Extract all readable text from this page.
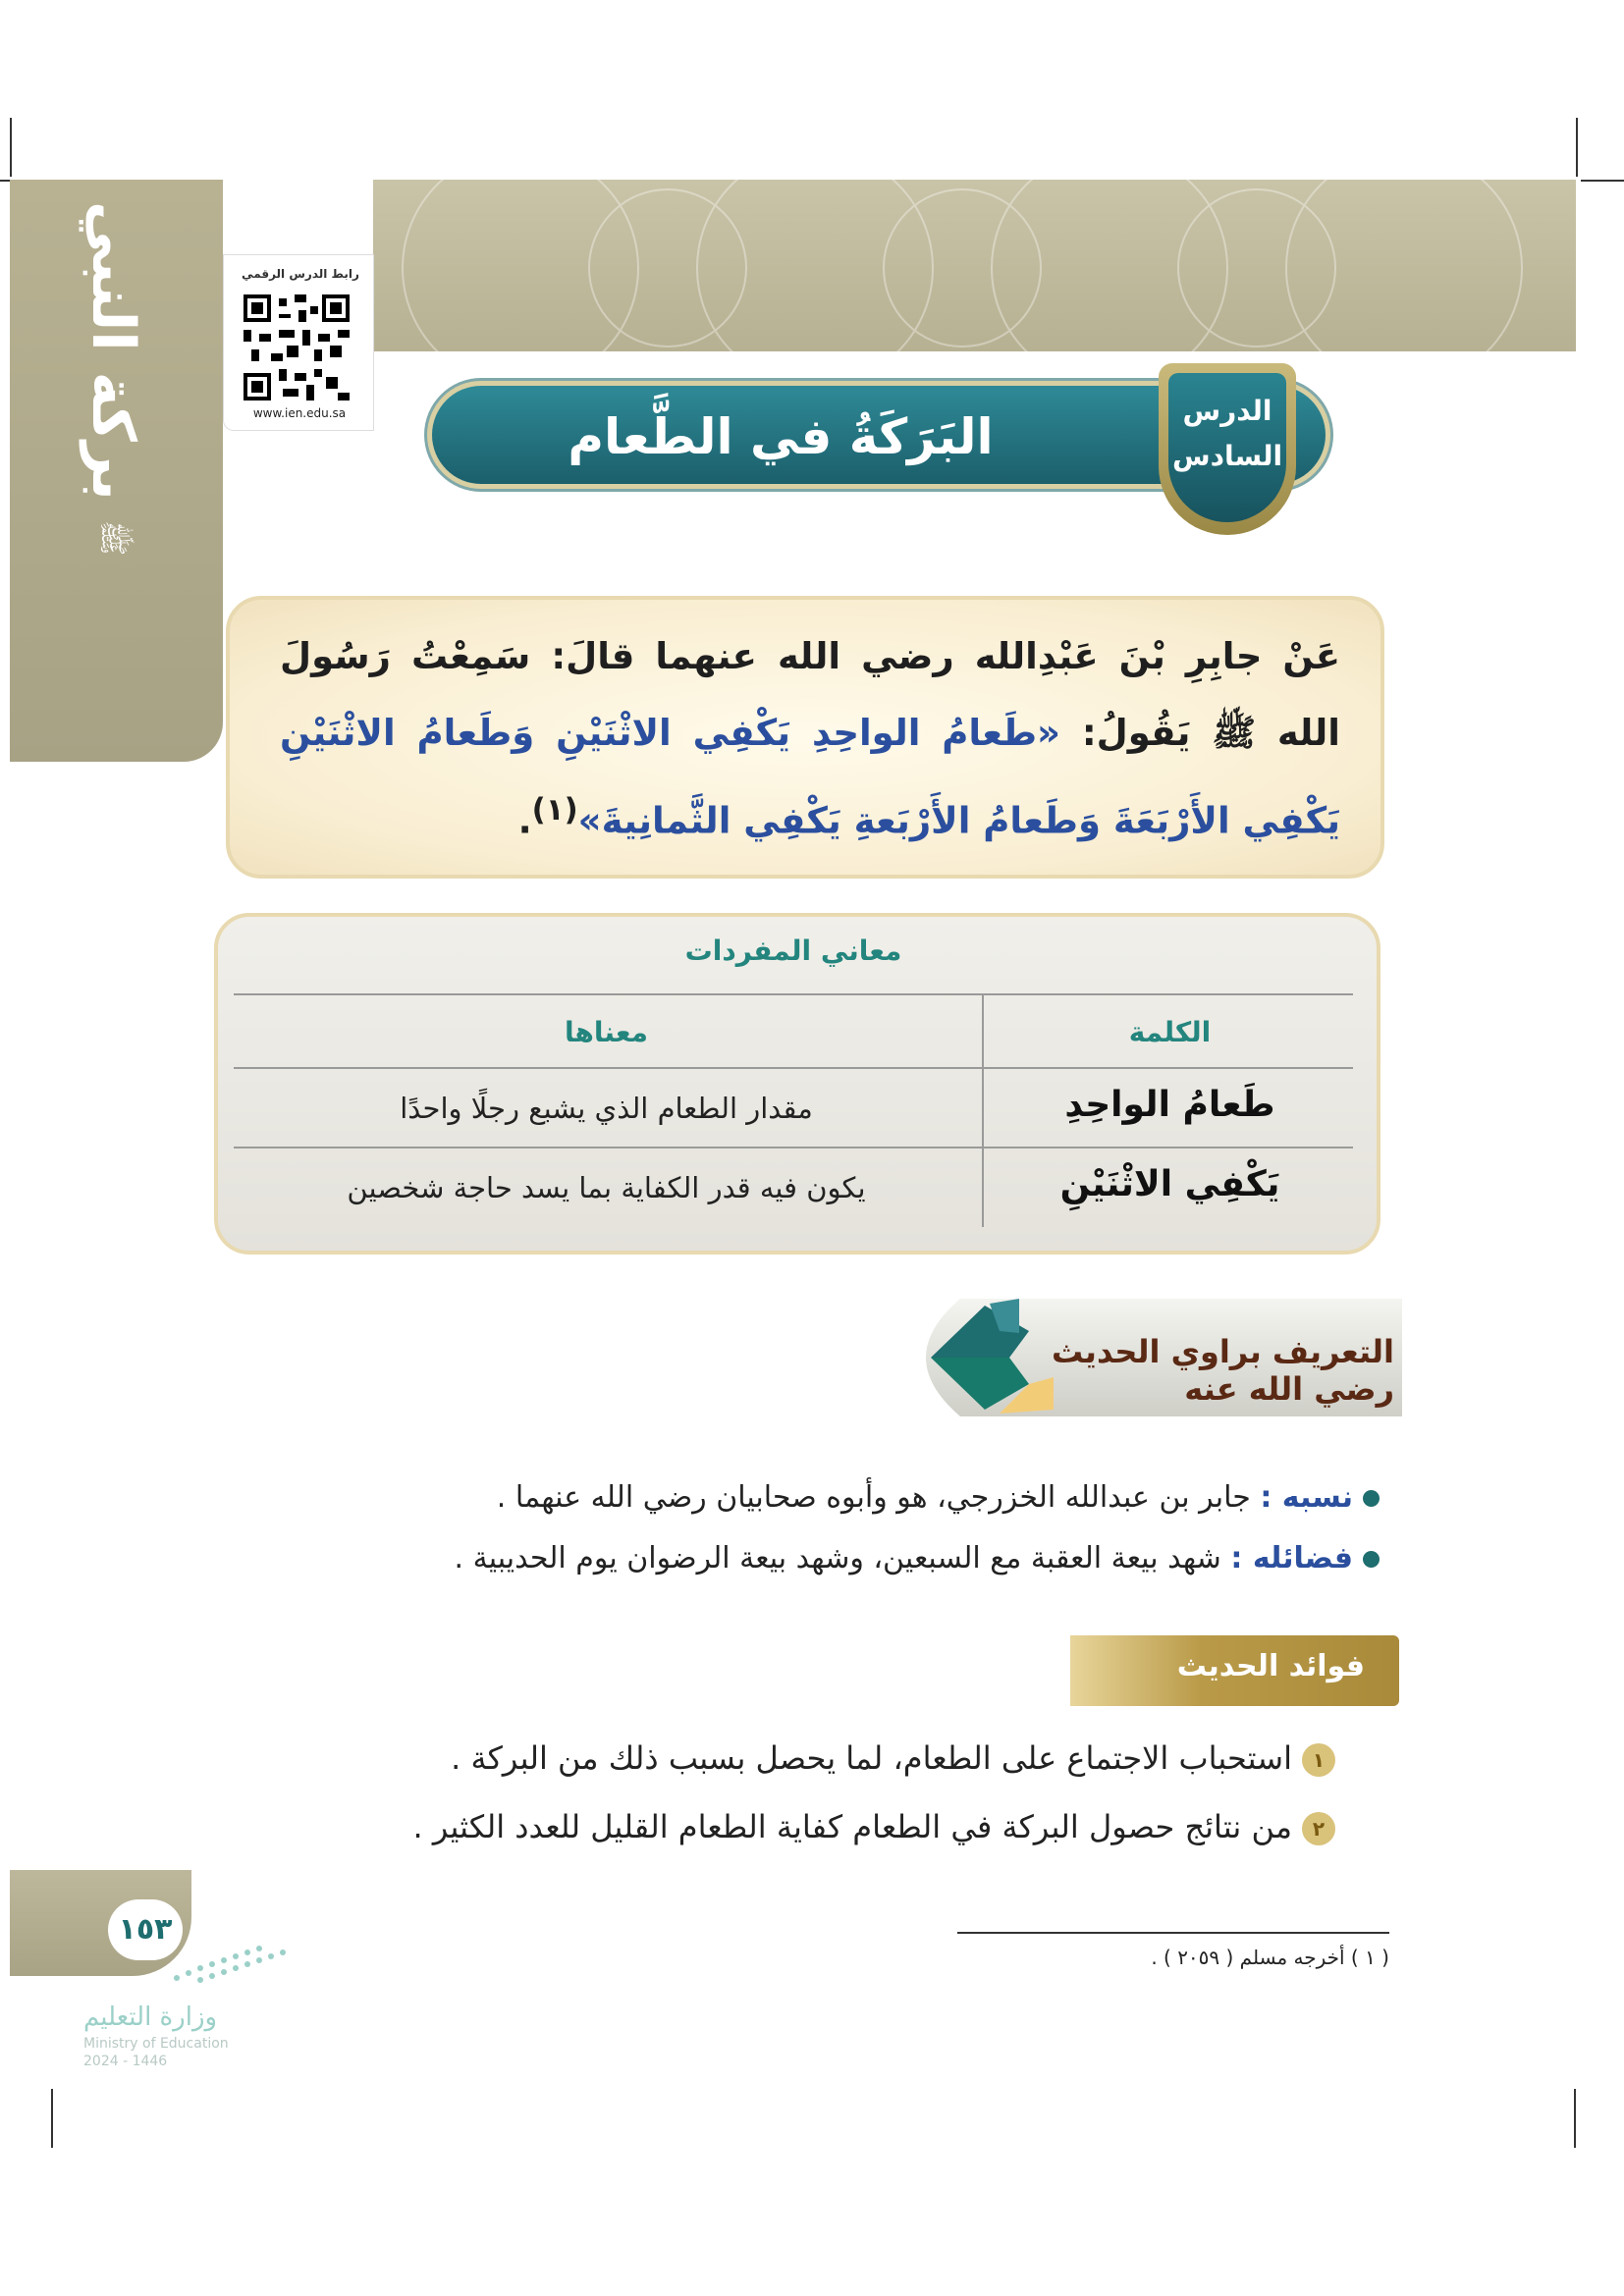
بركة النبي
ﷺ
رابط الدرس الرقمي
www.ien.edu.sa	البَرَكَةُ في الطَّعام	الدرس
السادس
عَنْ جابِرِ بْنَ عَبْدِالله رضي الله عنهما قالَ: سَمِعْتُ رَسُولَ الله ﷺ يَقُولُ: «طَعامُ الواحِدِ يَكْفِي الاثْنَيْنِ وَطَعامُ الاثْنَيْنِ يَكْفِي الأَرْبَعَةَ وَطَعامُ الأَرْبَعةِ يَكْفِي الثَّمانِيةَ»$^{(١)}$.
معاني المفردات
الكلمة
معناها
طَعامُ الواحِدِ
مقدار الطعام الذي يشبع رجلًا واحدًا
يَكْفِي الاثْنَيْنِ
يكون فيه قدر الكفاية بما يسد حاجة شخصين
التعريف براوي الحديث رضي الله عنه
نسبه : جابر بن عبدالله الخزرجي، هو وأبوه صحابيان رضي الله عنهما .
فضائله : شهد بيعة العقبة مع السبعين، وشهد بيعة الرضوان يوم الحديبية .
فوائد الحديث
١استحباب الاجتماع على الطعام، لما يحصل بسبب ذلك من البركة .
٢من نتائج حصول البركة في الطعام كفاية الطعام القليل للعدد الكثير .
( ١ ) أخرجه مسلم ( ٢٠٥٩ ) .
١٥٣
وزارة التعليم
Ministry of Education
2024 - 1446
